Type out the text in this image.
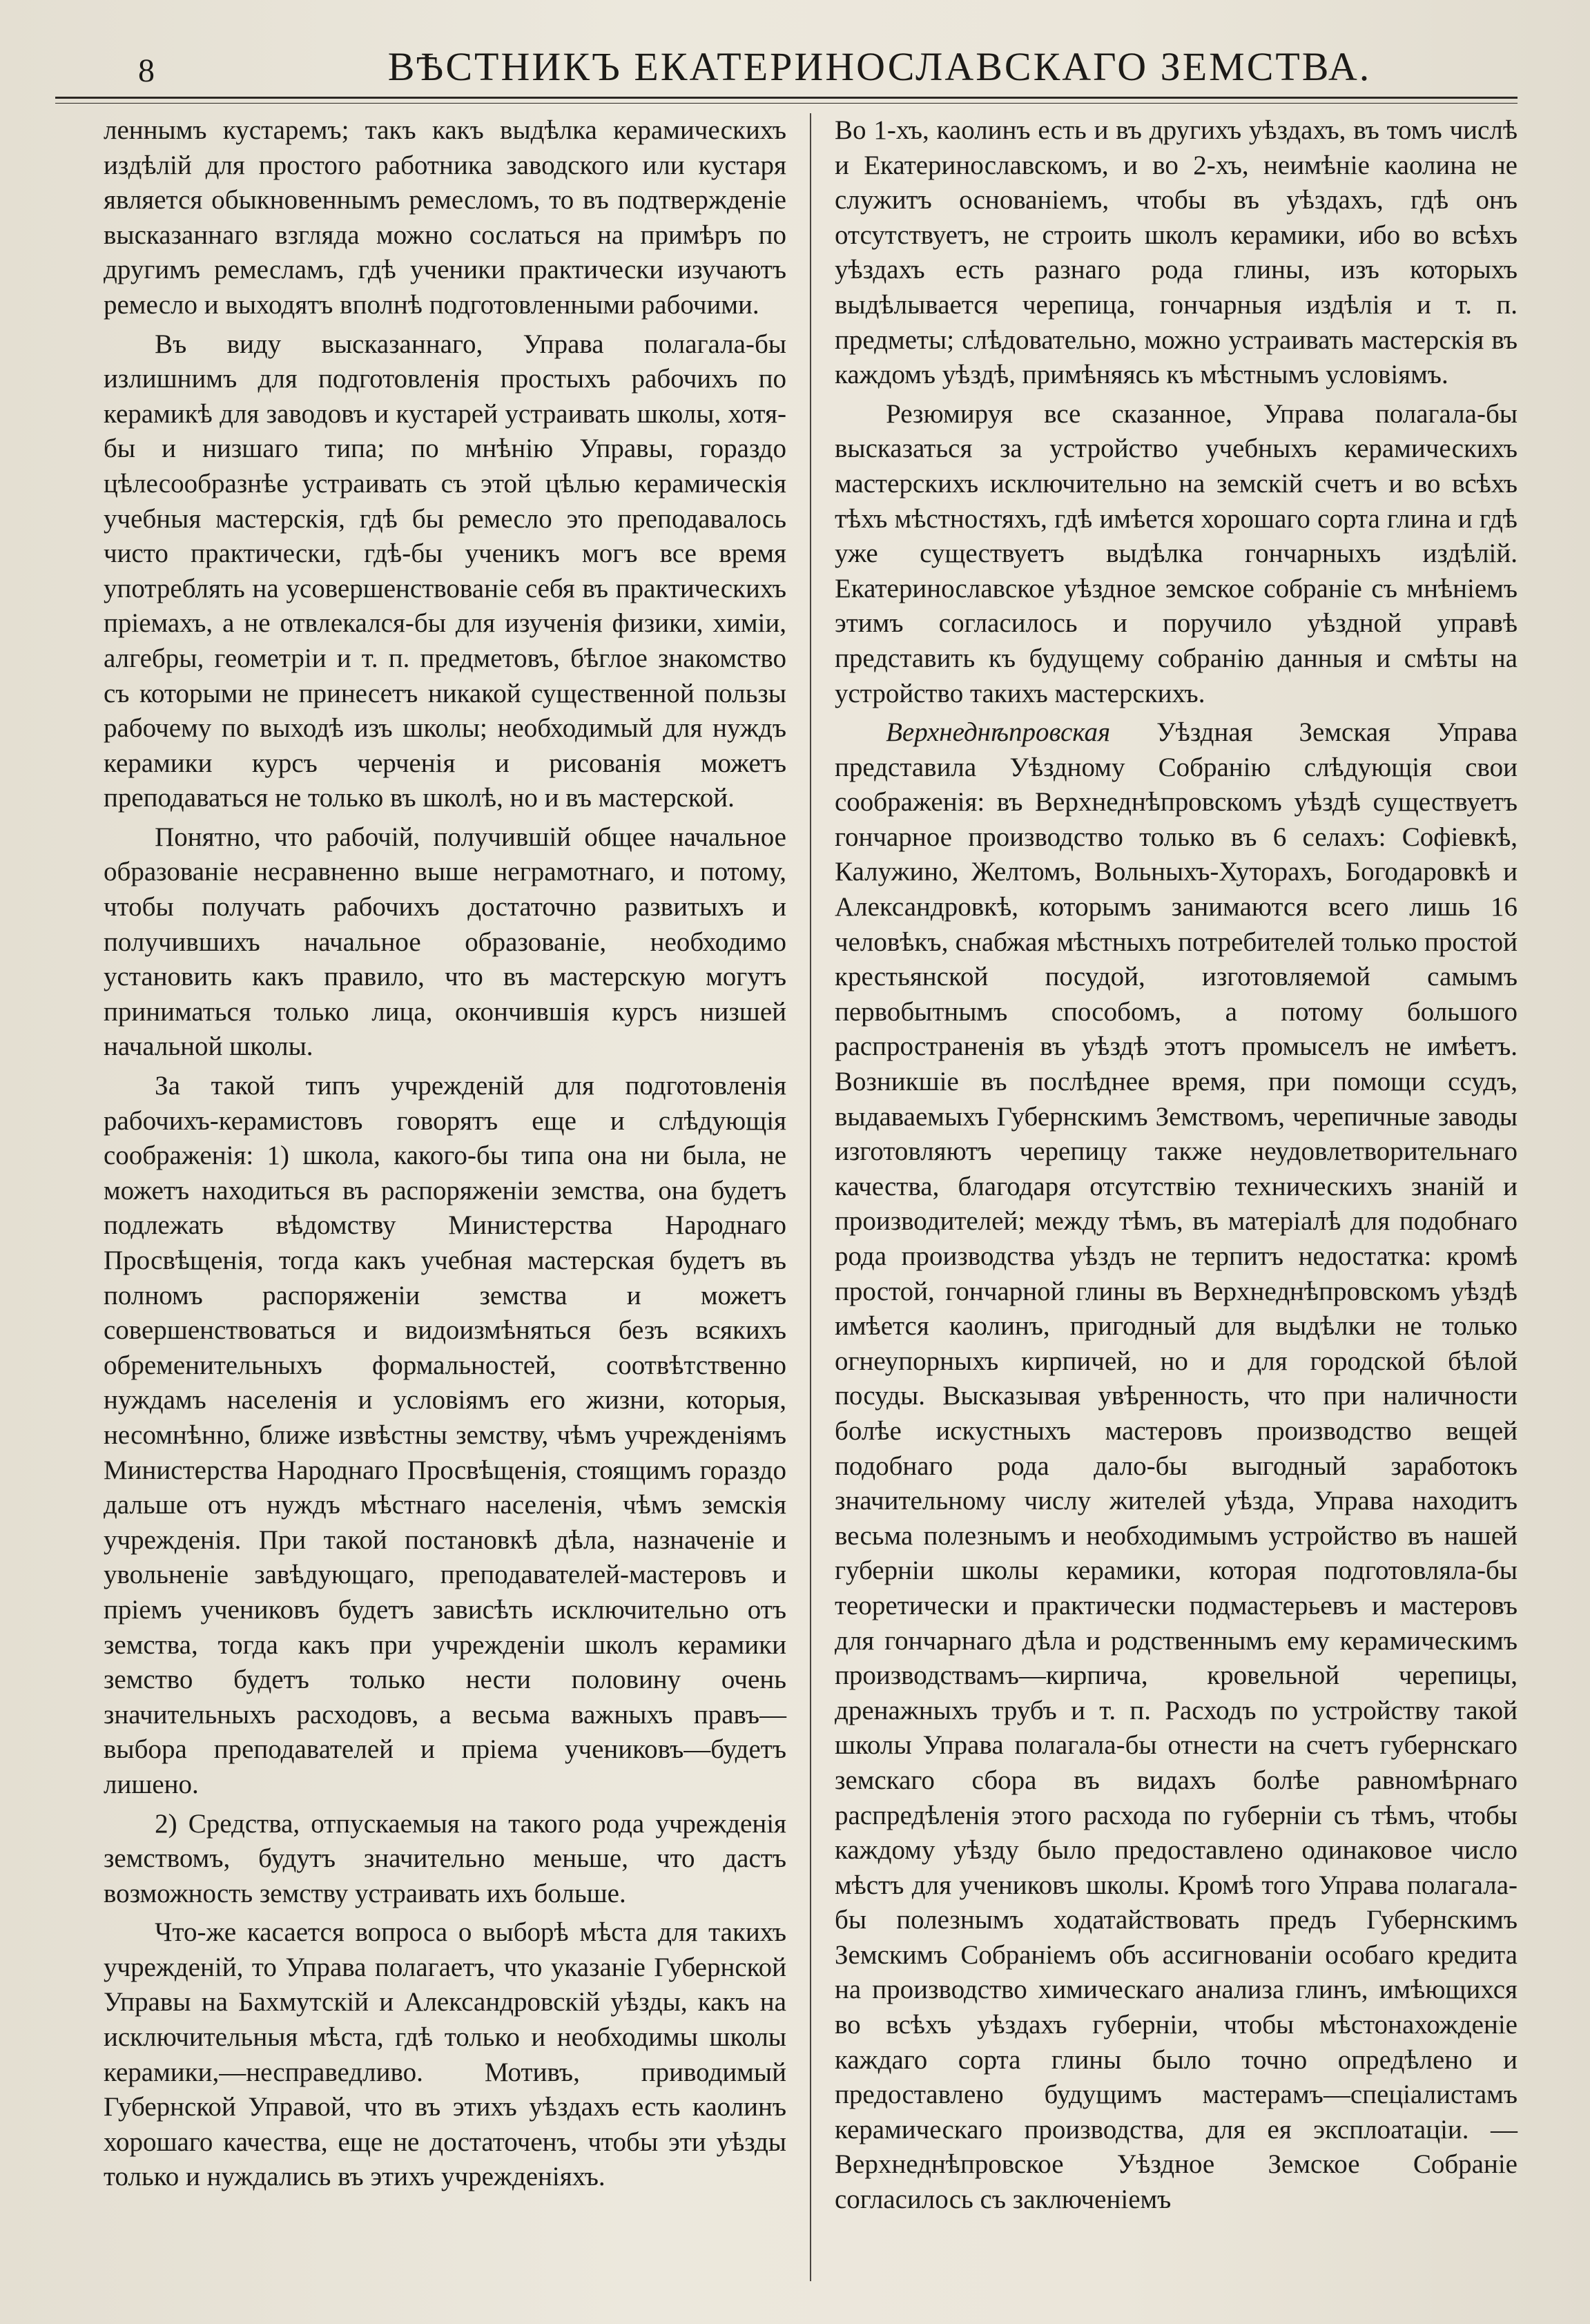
8	ВѢСТНИКЪ ЕКАТЕРИНОСЛАВСКАГО ЗЕМСТВА.

леннымъ кустаремъ; такъ какъ выдѣлка керамическихъ издѣлій для простого работника заводского или кустаря является обыкновеннымъ ремесломъ, то въ подтвержденіе высказаннаго взгляда можно сослаться на примѣръ по другимъ ремесламъ, гдѣ ученики практически изучаютъ ремесло и выходятъ вполнѣ подготовленными рабочими.

Въ виду высказаннаго, Управа полагала-бы излишнимъ для подготовленія простыхъ рабочихъ по керамикѣ для заводовъ и кустарей устраивать школы, хотя-бы и низшаго типа; по мнѣнію Управы, гораздо цѣлесообразнѣе устраивать съ этой цѣлью керамическія учебныя мастерскія, гдѣ бы ремесло это преподавалось чисто практически, гдѣ-бы ученикъ могъ все время употреблять на усовершенствованіе себя въ практическихъ пріемахъ, а не отвлекался-бы для изученія физики, химіи, алгебры, геометріи и т. п. предметовъ, бѣглое знакомство съ которыми не принесетъ никакой существенной пользы рабочему по выходѣ изъ школы; необходимый для нуждъ керамики курсъ черченія и рисованія можетъ преподаваться не только въ школѣ, но и въ мастерской.

Понятно, что рабочій, получившій общее начальное образованіе несравненно выше неграмотнаго, и потому, чтобы получать рабочихъ достаточно развитыхъ и получившихъ начальное образованіе, необходимо установить какъ правило, что въ мастерскую могутъ приниматься только лица, окончившія курсъ низшей начальной школы.

За такой типъ учрежденій для подготовленія рабочихъ-керамистовъ говорятъ еще и слѣдующія соображенія: 1) школа, какого-бы типа она ни была, не можетъ находиться въ распоряженіи земства, она будетъ подлежать вѣдомству Министерства Народнаго Просвѣщенія, тогда какъ учебная мастерская будетъ въ полномъ распоряженіи земства и можетъ совершенствоваться и видоизмѣняться безъ всякихъ обременительныхъ формальностей, соотвѣтственно нуждамъ населенія и условіямъ его жизни, которыя, несомнѣнно, ближе извѣстны земству, чѣмъ учрежденіямъ Министерства Народнаго Просвѣщенія, стоящимъ гораздо дальше отъ нуждъ мѣстнаго населенія, чѣмъ земскія учрежденія. При такой постановкѣ дѣла, назначеніе и увольненіе завѣдующаго, преподавателей-мастеровъ и пріемъ учениковъ будетъ зависѣть исключительно отъ земства, тогда какъ при учрежденіи школъ керамики земство будетъ только нести половину очень значительныхъ расходовъ, а весьма важныхъ правъ—выбора преподавателей и пріема учениковъ—будетъ лишено.

2) Средства, отпускаемыя на такого рода учрежденія земствомъ, будутъ значительно меньше, что дастъ возможность земству устраивать ихъ больше.

Что-же касается вопроса о выборѣ мѣста для такихъ учрежденій, то Управа полагаетъ, что указаніе Губернской Управы на Бахмутскій и Александровскій уѣзды, какъ на исключительныя мѣста, гдѣ только и необходимы школы керамики,—несправедливо. Мотивъ, приводимый Губернской Управой, что въ этихъ уѣздахъ есть каолинъ хорошаго качества, еще не достаточенъ, чтобы эти уѣзды только и нуждались въ этихъ учрежденіяхъ.

Во 1-хъ, каолинъ есть и въ другихъ уѣздахъ, въ томъ числѣ и Екатеринославскомъ, и во 2-хъ, неимѣніе каолина не служитъ основаніемъ, чтобы въ уѣздахъ, гдѣ онъ отсутствуетъ, не строить школъ керамики, ибо во всѣхъ уѣздахъ есть разнаго рода глины, изъ которыхъ выдѣлывается черепица, гончарныя издѣлія и т. п. предметы; слѣдовательно, можно устраивать мастерскія въ каждомъ уѣздѣ, примѣняясь къ мѣстнымъ условіямъ.

Резюмируя все сказанное, Управа полагала-бы высказаться за устройство учебныхъ керамическихъ мастерскихъ исключительно на земскій счетъ и во всѣхъ тѣхъ мѣстностяхъ, гдѣ имѣется хорошаго сорта глина и гдѣ уже существуетъ выдѣлка гончарныхъ издѣлій. Екатеринославское уѣздное земское собраніе съ мнѣніемъ этимъ согласилось и поручило уѣздной управѣ представить къ будущему собранію данныя и смѣты на устройство такихъ мастерскихъ.

Верхнеднѣпровская Уѣздная Земская Управа представила Уѣздному Собранію слѣдующія свои соображенія: въ Верхнеднѣпровскомъ уѣздѣ существуетъ гончарное производство только въ 6 селахъ: Софіевкѣ, Калужино, Желтомъ, Вольныхъ-Хуторахъ, Богодаровкѣ и Александровкѣ, которымъ занимаются всего лишь 16 человѣкъ, снабжая мѣстныхъ потребителей только простой крестьянской посудой, изготовляемой самымъ первобытнымъ способомъ, а потому большого распространенія въ уѣздѣ этотъ промыселъ не имѣетъ. Возникшіе въ послѣднее время, при помощи ссудъ, выдаваемыхъ Губернскимъ Земствомъ, черепичные заводы изготовляютъ черепицу также неудовлетворительнаго качества, благодаря отсутствію техническихъ знаній и производителей; между тѣмъ, въ матеріалѣ для подобнаго рода производства уѣздъ не терпитъ недостатка: кромѣ простой, гончарной глины въ Верхнеднѣпровскомъ уѣздѣ имѣется каолинъ, пригодный для выдѣлки не только огнеупорныхъ кирпичей, но и для городской бѣлой посуды. Высказывая увѣренность, что при наличности болѣе искустныхъ мастеровъ производство вещей подобнаго рода дало-бы выгодный заработокъ значительному числу жителей уѣзда, Управа находитъ весьма полезнымъ и необходимымъ устройство въ нашей губерніи школы керамики, которая подготовляла-бы теоретически и практически подмастерьевъ и мастеровъ для гончарнаго дѣла и родственнымъ ему керамическимъ производствамъ—кирпича, кровельной черепицы, дренажныхъ трубъ и т. п. Расходъ по устройству такой школы Управа полагала-бы отнести на счетъ губернскаго земскаго сбора въ видахъ болѣе равномѣрнаго распредѣленія этого расхода по губерніи съ тѣмъ, чтобы каждому уѣзду было предоставлено одинаковое число мѣстъ для учениковъ школы. Кромѣ того Управа полагала-бы полезнымъ ходатайствовать предъ Губернскимъ Земскимъ Собраніемъ объ ассигнованіи особаго кредита на производство химическаго анализа глинъ, имѣющихся во всѣхъ уѣздахъ губерніи, чтобы мѣстонахожденіе каждаго сорта глины было точно опредѣлено и предоставлено будущимъ мастерамъ—спеціалистамъ керамическаго производства, для ея эксплоатаціи. — Верхнеднѣпровское Уѣздное Земское Собраніе согласилось съ заключеніемъ
